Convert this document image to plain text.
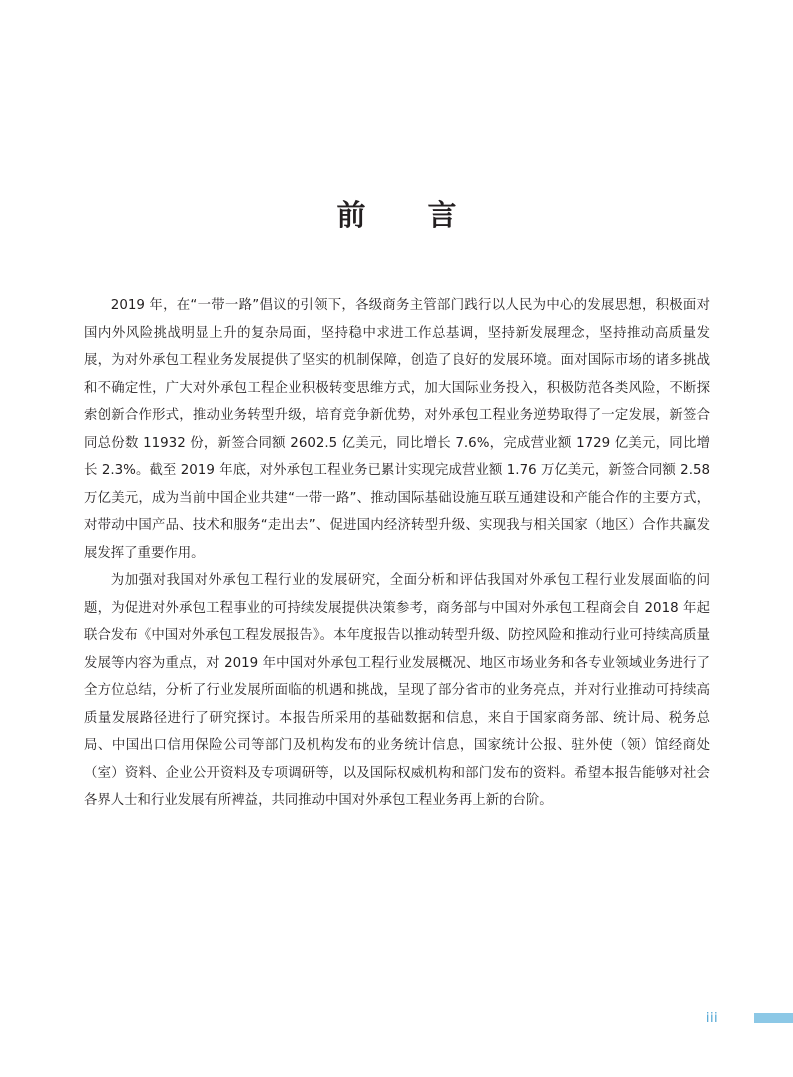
前 言

2019 年，在“一带一路”倡议的引领下，各级商务主管部门践行以人民为中心的发展思想，积极面对国内外风险挑战明显上升的复杂局面，坚持稳中求进工作总基调，坚持新发展理念，坚持推动高质量发展，为对外承包工程业务发展提供了坚实的机制保障，创造了良好的发展环境。面对国际市场的诸多挑战和不确定性，广大对外承包工程企业积极转变思维方式，加大国际业务投入，积极防范各类风险，不断探索创新合作形式，推动业务转型升级，培育竞争新优势，对外承包工程业务逆势取得了一定发展，新签合同总份数 11932 份，新签合同额 2602.5 亿美元，同比增长 7.6%，完成营业额 1729 亿美元，同比增长 2.3%。截至 2019 年底，对外承包工程业务已累计实现完成营业额 1.76 万亿美元，新签合同额 2.58 万亿美元，成为当前中国企业共建“一带一路”、推动国际基础设施互联互通建设和产能合作的主要方式，对带动中国产品、技术和服务“走出去”、促进国内经济转型升级、实现我与相关国家（地区）合作共赢发展发挥了重要作用。

为加强对我国对外承包工程行业的发展研究，全面分析和评估我国对外承包工程行业发展面临的问题，为促进对外承包工程事业的可持续发展提供决策参考，商务部与中国对外承包工程商会自 2018 年起联合发布《中国对外承包工程发展报告》。本年度报告以推动转型升级、防控风险和推动行业可持续高质量发展等内容为重点，对 2019 年中国对外承包工程行业发展概况、地区市场业务和各专业领域业务进行了全方位总结，分析了行业发展所面临的机遇和挑战，呈现了部分省市的业务亮点，并对行业推动可持续高质量发展路径进行了研究探讨。本报告所采用的基础数据和信息，来自于国家商务部、统计局、税务总局、中国出口信用保险公司等部门及机构发布的业务统计信息，国家统计公报、驻外使（领）馆经商处（室）资料、企业公开资料及专项调研等，以及国际权威机构和部门发布的资料。希望本报告能够对社会各界人士和行业发展有所裨益，共同推动中国对外承包工程业务再上新的台阶。

iii
